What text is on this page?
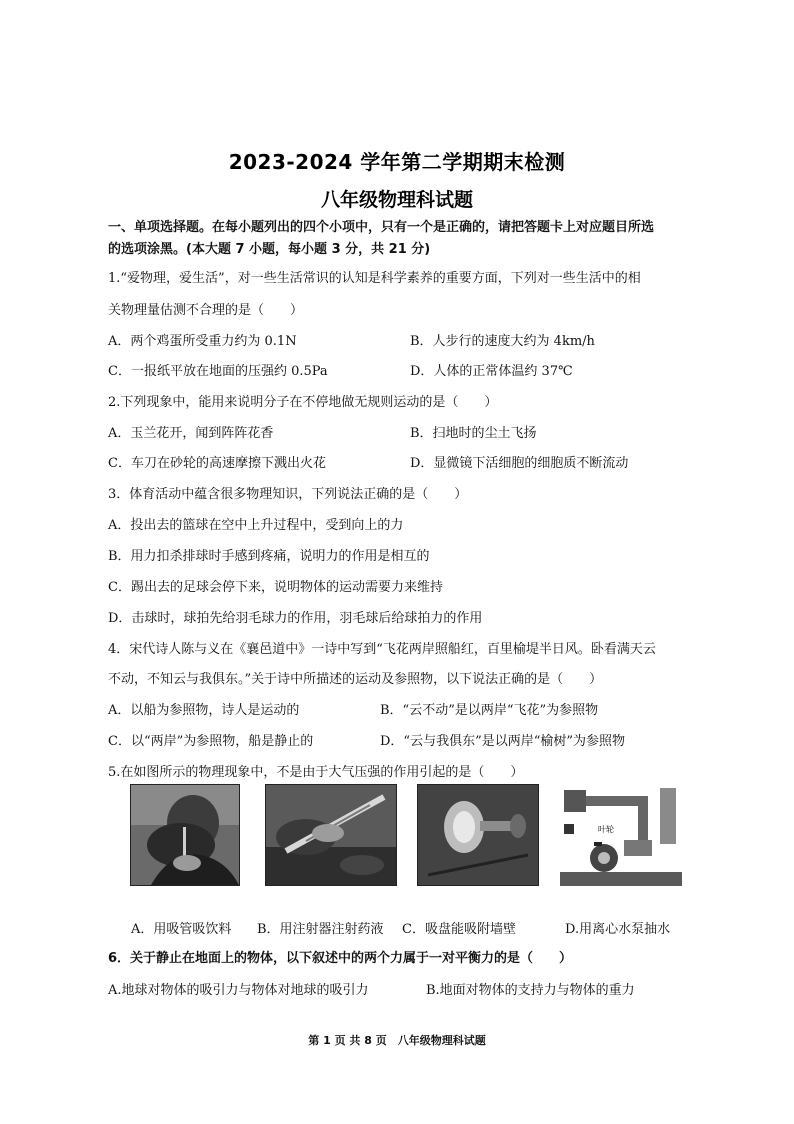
2023-2024 学年第二学期期末检测
八年级物理科试题
一、单项选择题。在每小题列出的四个小项中，只有一个是正确的，请把答题卡上对应题目所选
的选项涂黑。(本大题 7 小题，每小题 3 分，共 21 分)
1.“爱物理，爱生活”，对一些生活常识的认知是科学素养的重要方面，下列对一些生活中的相
关物理量估测不合理的是（　　）
A．两个鸡蛋所受重力约为 0.1N	B．人步行的速度大约为 4km/h
C．一报纸平放在地面的压强约 0.5Pa	D．人体的正常体温约 37℃
2.下列现象中，能用来说明分子在不停地做无规则运动的是（　　）
A．玉兰花开，闻到阵阵花香	B．扫地时的尘土飞扬
C．车刀在砂轮的高速摩擦下溅出火花	D．显微镜下活细胞的细胞质不断流动
3．体育活动中蕴含很多物理知识，下列说法正确的是（　　）
A．投出去的篮球在空中上升过程中，受到向上的力
B．用力扣杀排球时手感到疼痛，说明力的作用是相互的
C．踢出去的足球会停下来，说明物体的运动需要力来维持
D．击球时，球拍先给羽毛球力的作用，羽毛球后给球拍力的作用
4．宋代诗人陈与义在《襄邑道中》一诗中写到“飞花两岸照船红，百里榆堤半日风。卧看满天云
不动，不知云与我俱东。”关于诗中所描述的运动及参照物，以下说法正确的是（　　）
A．以船为参照物，诗人是运动的	B．“云不动”是以两岸“飞花”为参照物
C．以“两岸”为参照物，船是静止的	D．“云与我俱东”是以两岸“榆树”为参照物
5.在如图所示的物理现象中，不是由于大气压强的作用引起的是（　　）
叶轮
A．用吸管吸饮料 B．用注射器注射药液 C．吸盘能吸附墙壁	D.用离心水泵抽水
6．关于静止在地面上的物体，以下叙述中的两个力属于一对平衡力的是（　　）
A.地球对物体的吸引力与物体对地球的吸引力	B.地面对物体的支持力与物体的重力
第 1 页 共 8 页　八年级物理科试题
